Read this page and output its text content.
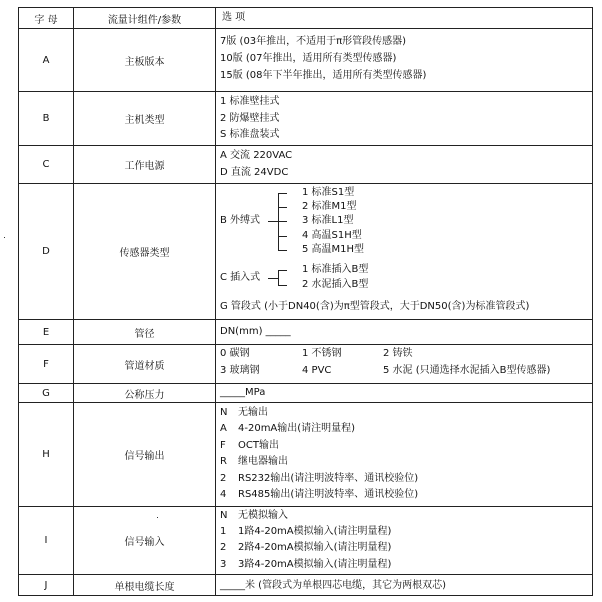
字 母	流量计组件/参数	选 项
A	主板版本
7版 (03年推出，不适用于π形管段传感器)
10版 (07年推出，适用所有类型传感器)
15版 (08年下半年推出，适用所有类型传感器)
B	主机类型
1 标准壁挂式
2 防爆壁挂式
S 标准盘装式
C	工作电源
A 交流 220VAC
D 直流 24VDC
D	传感器类型
B 外缚式
1 标准S1型
2 标准M1型
3 标准L1型
4 高温S1H型
5 高温M1H型
C 插入式
1 标准插入B型
2 水泥插入B型
G 管段式 (小于DN40(含)为π型管段式，大于DN50(含)为标准管段式)
E	管径	DN(mm) _____
F	管道材质
0 碳钢	1 不锈钢	2 铸铁
3 玻璃钢	4 PVC	5 水泥 (只通选择水泥插入B型传感器)
G	公称压力	_____MPa
H	信号输出
N 无输出
A 4-20mA输出(请注明量程)
F OCT输出
R 继电器输出
2 RS232输出(请注明波特率、通讯校验位)
4 RS485输出(请注明波特率、通讯校验位)
I	信号输入
N 无模拟输入
1 1路4-20mA模拟输入(请注明量程)
2 2路4-20mA模拟输入(请注明量程)
3 3路4-20mA模拟输入(请注明量程)
J	单根电缆长度	_____米 (管段式为单根四芯电缆，其它为两根双芯)
